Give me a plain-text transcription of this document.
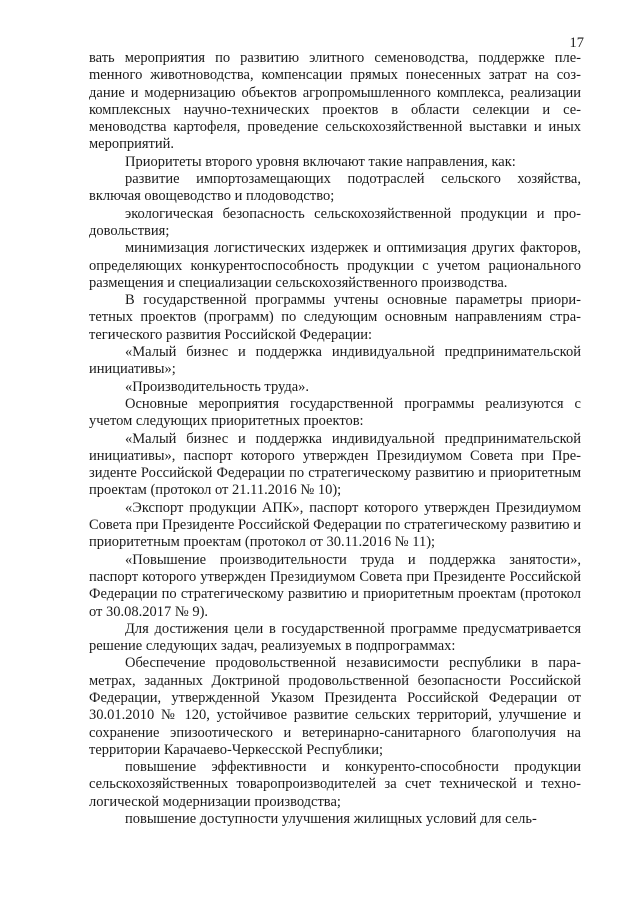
17

вать мероприятия по развитию элитного семеноводства, поддержке плеmенного животноводства, компенсации прямых понесенных затрат на создание и модернизацию объектов агропромышленного комплекса, реализации комплексных научно-технических проектов в области селекции и семеноводства картофеля, проведение сельскохозяйственной выставки и иных мероприятий.

Приоритеты второго уровня включают такие направления, как:

развитие импортозамещающих подотраслей сельского хозяйства, включая овощеводство и плодоводство;

экологическая безопасность сельскохозяйственной продукции и продовольствия;

минимизация логистических издержек и оптимизация других факторов, определяющих конкурентоспособность продукции с учетом рационального размещения и специализации сельскохозяйственного производства.

В государственной программы учтены основные параметры приоритетных проектов (программ) по следующим основным направлениям стратегического развития Российской Федерации:

«Малый бизнес и поддержка индивидуальной предпринимательской инициативы»;

«Производительность труда».

Основные мероприятия государственной программы реализуются с учетом следующих приоритетных проектов:

«Малый бизнес и поддержка индивидуальной предпринимательской инициативы», паспорт которого утвержден Президиумом Совета при Президенте Российской Федерации по стратегическому развитию и приоритетным проектам (протокол от 21.11.2016 № 10);

«Экспорт продукции АПК», паспорт которого утвержден Президиумом Совета при Президенте Российской Федерации по стратегическому развитию и приоритетным проектам (протокол от 30.11.2016 № 11);

«Повышение производительности труда и поддержка занятости», паспорт которого утвержден Президиумом Совета при Президенте Российской Федерации по стратегическому развитию и приоритетным проектам (протокол от 30.08.2017 № 9).

Для достижения цели в государственной программе предусматривается решение следующих задач, реализуемых в подпрограммах:

Обеспечение продовольственной независимости республики в параметрах, заданных Доктриной продовольственной безопасности Российской Федерации, утвержденной Указом Президента Российской Федерации от 30.01.2010 № 120, устойчивое развитие сельских территорий, улучшение и сохранение эпизоотического и ветеринарно-санитарного благополучия на территории Карачаево-Черкесской Республики;

повышение эффективности и конкуренто-способности продукции сельскохозяйственных товаропроизводителей за счет технической и технологической модернизации производства;

повышение доступности улучшения жилищных условий для сель-
